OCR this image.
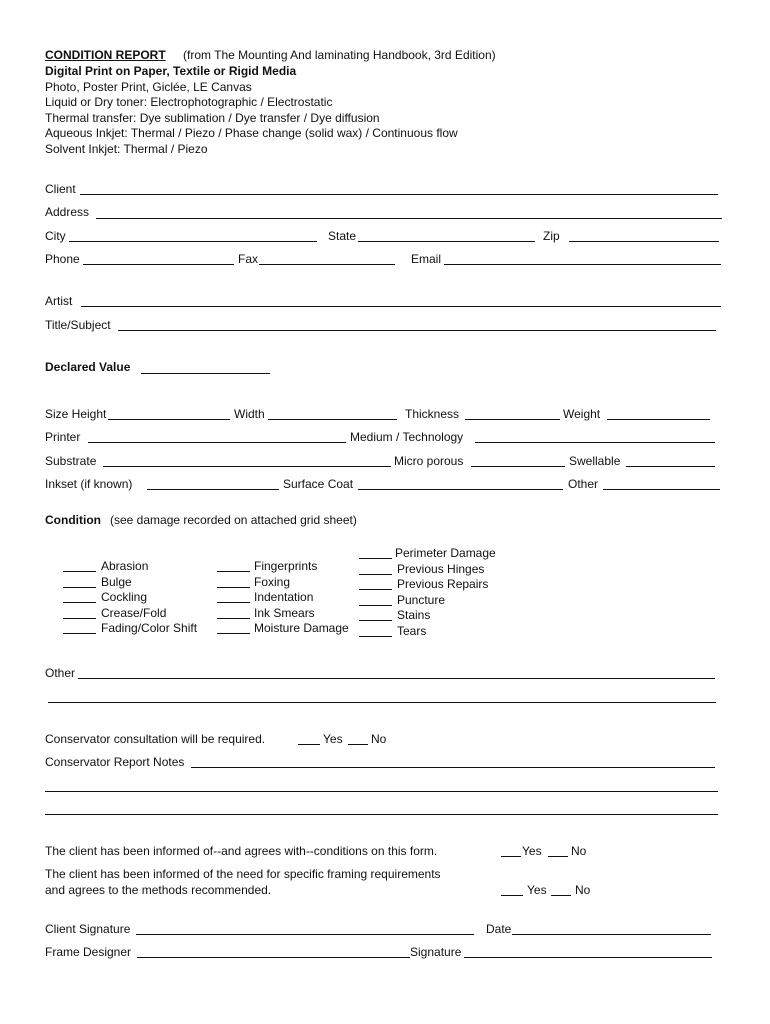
CONDITION REPORT (from The Mounting And laminating Handbook, 3rd Edition)
Digital Print on Paper, Textile or Rigid Media
Photo, Poster Print, Giclée, LE Canvas
Liquid or Dry toner: Electrophotographic / Electrostatic
Thermal transfer: Dye sublimation / Dye transfer / Dye diffusion
Aqueous Inkjet: Thermal / Piezo / Phase change (solid wax) / Continuous flow
Solvent Inkjet: Thermal / Piezo
Client
Address
City	State	Zip
Phone	Fax	Email
Artist
Title/Subject
Declared Value
Size Height	Width	Thickness	Weight
Printer	Medium / Technology
Substrate	Micro porous	Swellable
Inkset (if known)	Surface Coat	Other
Condition (see damage recorded on attached grid sheet)
Abrasion
Bulge
Cockling
Crease/Fold
Fading/Color Shift
Fingerprints
Foxing
Indentation
Ink Smears
Moisture Damage
Perimeter Damage
Previous Hinges
Previous Repairs
Puncture
Stains
Tears
Other
Conservator consultation will be required.	Yes No
Conservator Report Notes
The client has been informed of--and agrees with--conditions on this form.	Yes No
The client has been informed of the need for specific framing requirements
and agrees to the methods recommended.	Yes No
Client Signature	Date
Frame Designer	Signature
